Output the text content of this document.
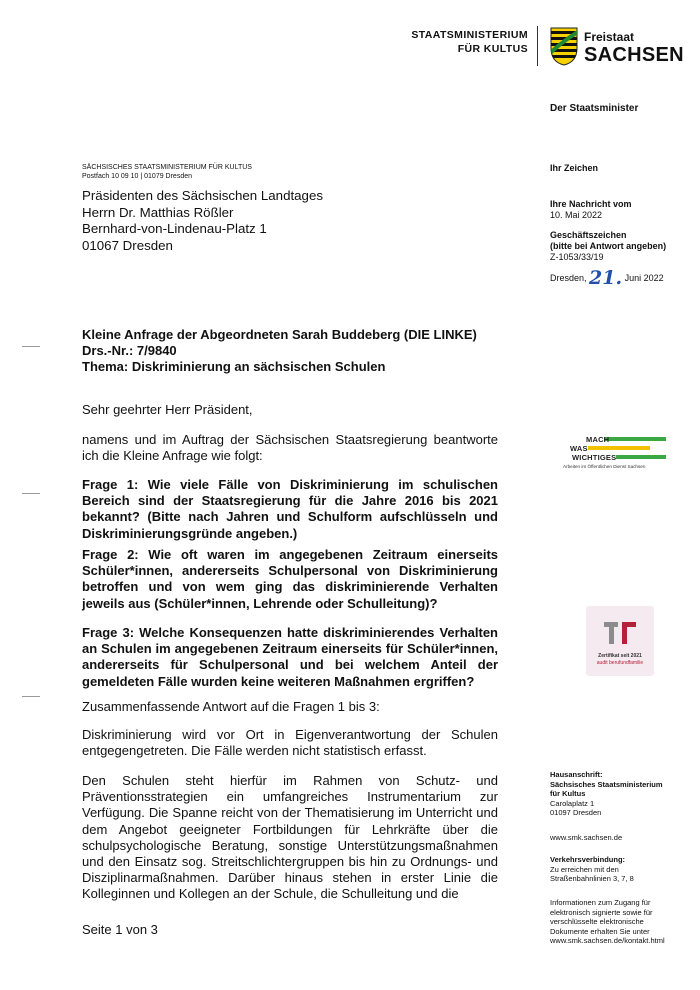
STAATSMINISTERIUM
FÜR KULTUS
Freistaat
SACHSEN
Der Staatsminister
SÄCHSISCHES STAATSMINISTERIUM FÜR KULTUS
Postfach 10 09 10 | 01079 Dresden
Präsidenten des Sächsischen Landtages
Herrn Dr. Matthias Rößler
Bernhard-von-Lindenau-Platz 1
01067 Dresden
Ihr Zeichen
Ihre Nachricht vom
10. Mai 2022
Geschäftszeichen
(bitte bei Antwort angeben)
Z-1053/33/19
Dresden, 21. Juni 2022
Kleine Anfrage der Abgeordneten Sarah Buddeberg (DIE LINKE)
Drs.-Nr.: 7/9840
Thema: Diskriminierung an sächsischen Schulen
Sehr geehrter Herr Präsident,
namens und im Auftrag der Sächsischen Staatsregierung beantworte ich die Kleine Anfrage wie folgt:
Frage 1: Wie viele Fälle von Diskriminierung im schulischen Bereich sind der Staatsregierung für die Jahre 2016 bis 2021 bekannt? (Bitte nach Jahren und Schulform aufschlüsseln und Diskriminierungsgründe angeben.)
Frage 2: Wie oft waren im angegebenen Zeitraum einerseits Schüler*innen, andererseits Schulpersonal von Diskriminierung betroffen und von wem ging das diskriminierende Verhalten jeweils aus (Schüler*innen, Lehrende oder Schulleitung)?
Frage 3: Welche Konsequenzen hatte diskriminierendes Verhalten an Schulen im angegebenen Zeitraum einerseits für Schüler*innen, andererseits für Schulpersonal und bei welchem Anteil der gemeldeten Fälle wurden keine weiteren Maßnahmen ergriffen?
Zusammenfassende Antwort auf die Fragen 1 bis 3:
Diskriminierung wird vor Ort in Eigenverantwortung der Schulen entgegengetreten. Die Fälle werden nicht statistisch erfasst.
Den Schulen steht hierfür im Rahmen von Schutz- und Präventionsstrategien ein umfangreiches Instrumentarium zur Verfügung. Die Spanne reicht von der Thematisierung im Unterricht und dem Angebot geeigneter Fortbildungen für Lehrkräfte über die schulpsychologische Beratung, sonstige Unterstützungsmaßnahmen und den Einsatz sog. Streitschlichtergruppen bis hin zu Ordnungs- und Disziplinarmaßnahmen. Darüber hinaus stehen in erster Linie die Kolleginnen und Kollegen an der Schule, die Schulleitung und die
MACH
WAS
WICHTIGES
Arbeiten im Öffentlichen Dienst Sachsen
Zertifikat seit 2021
audit berufundfamilie
Hausanschrift:
Sächsisches Staatsministerium
für Kultus
Carolaplatz 1
01097 Dresden
www.smk.sachsen.de
Verkehrsverbindung:
Zu erreichen mit den
Straßenbahnlinien 3, 7, 8
Informationen zum Zugang für
elektronisch signierte sowie für
verschlüsselte elektronische
Dokumente erhalten Sie unter
www.smk.sachsen.de/kontakt.html
Seite 1 von 3
